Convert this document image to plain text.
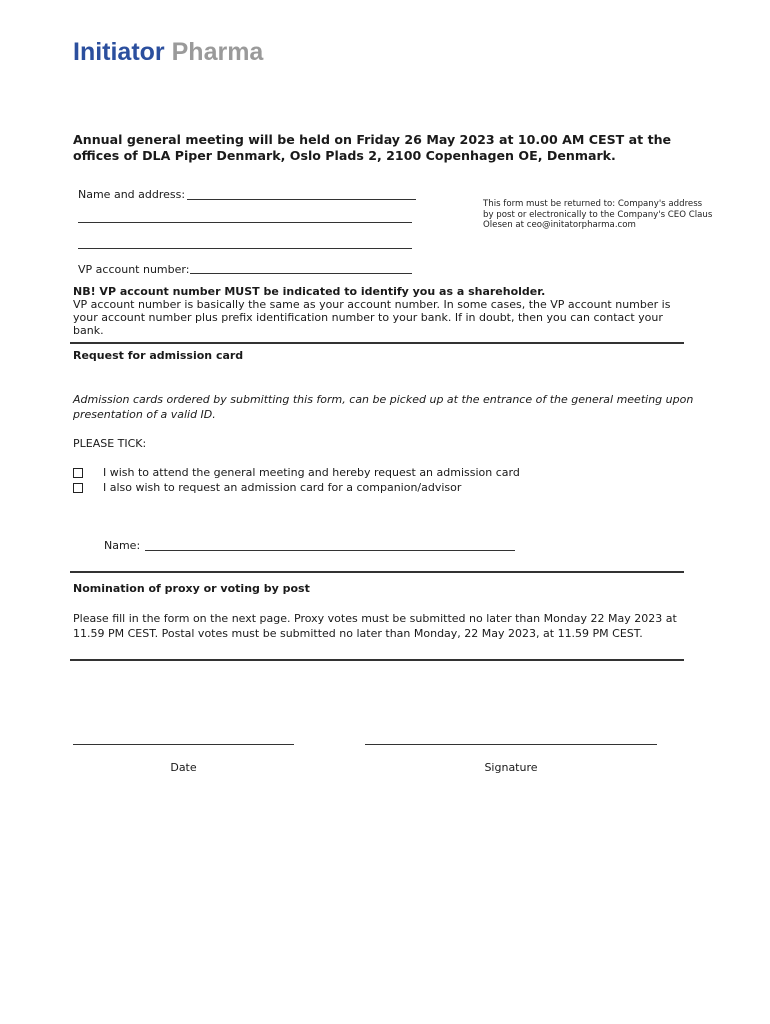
Initiator Pharma
Annual general meeting will be held on Friday 26 May 2023 at 10.00 AM CEST at the offices of DLA Piper Denmark, Oslo Plads 2, 2100 Copenhagen OE, Denmark.
Name and address:
VP account number:
This form must be returned to: Company's address by post or electronically to the Company's CEO Claus Olesen at ceo@initatorpharma.com
NB! VP account number MUST be indicated to identify you as a shareholder.
VP account number is basically the same as your account number. In some cases, the VP account number is your account number plus prefix identification number to your bank. If in doubt, then you can contact your bank.
Request for admission card
Admission cards ordered by submitting this form, can be picked up at the entrance of the general meeting upon presentation of a valid ID.
PLEASE TICK:
I wish to attend the general meeting and hereby request an admission card
I also wish to request an admission card for a companion/advisor
Name:
Nomination of proxy or voting by post
Please fill in the form on the next page. Proxy votes must be submitted no later than Monday 22 May 2023 at 11.59 PM CEST. Postal votes must be submitted no later than Monday, 22 May 2023, at 11.59 PM CEST.
Date	Signature
